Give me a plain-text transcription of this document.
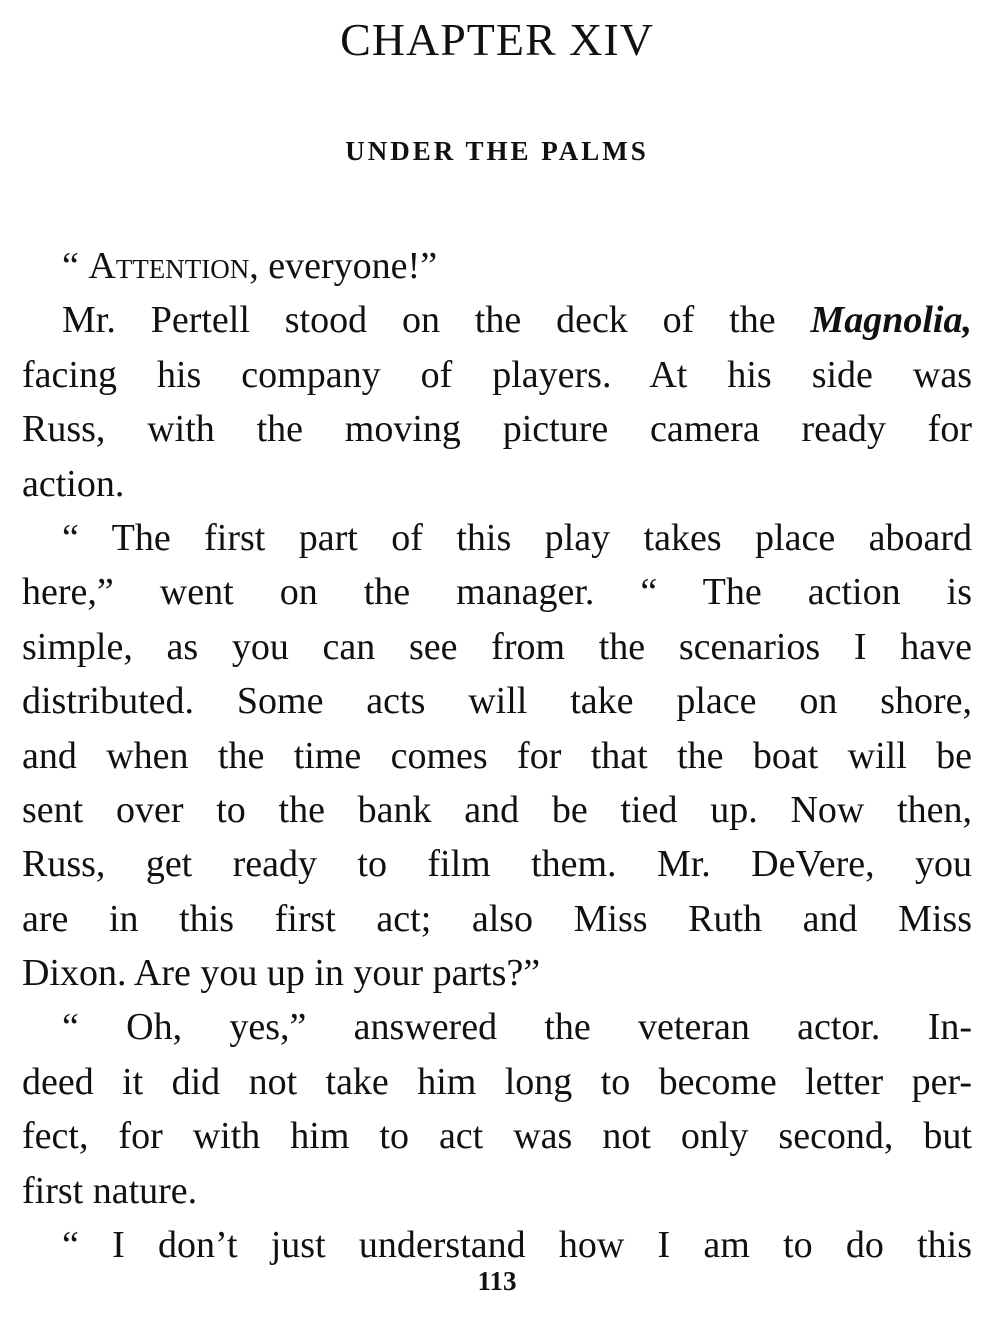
CHAPTER XIV
UNDER THE PALMS
“ Attention, everyone!”
Mr. Pertell stood on the deck of the Magnolia,
facing his company of players. At his side was
Russ, with the moving picture camera ready for
action.
“ The first part of this play takes place aboard
here,” went on the manager. “ The action is
simple, as you can see from the scenarios I have
distributed. Some acts will take place on shore,
and when the time comes for that the boat will be
sent over to the bank and be tied up. Now then,
Russ, get ready to film them. Mr. DeVere, you
are in this first act; also Miss Ruth and Miss
Dixon. Are you up in your parts?”
“ Oh, yes,” answered the veteran actor. In-
deed it did not take him long to become letter per-
fect, for with him to act was not only second, but
first nature.
“ I don’t just understand how I am to do this
113
